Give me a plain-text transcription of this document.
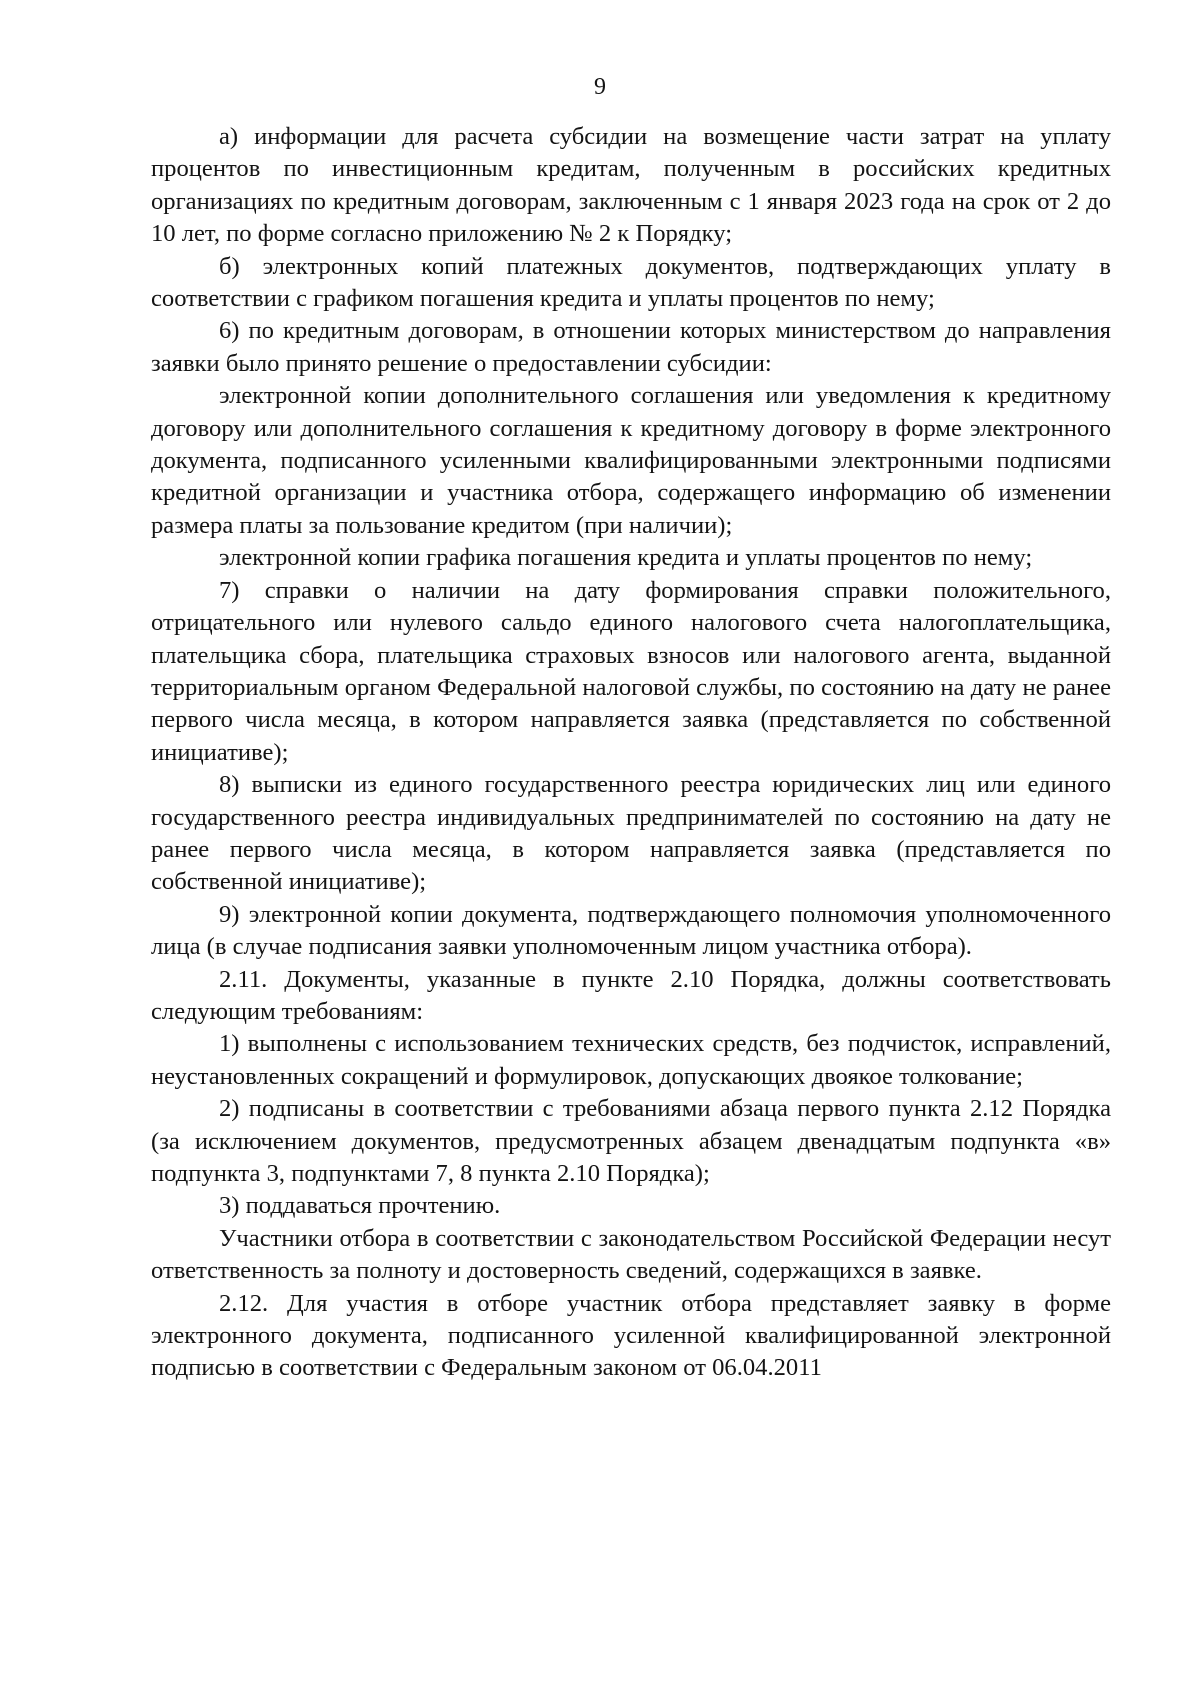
9

а) информации для расчета субсидии на возмещение части затрат на уплату процентов по инвестиционным кредитам, полученным в российских кредитных организациях по кредитным договорам, заключенным с 1 января 2023 года на срок от 2 до 10 лет, по форме согласно приложению № 2 к Порядку;

б) электронных копий платежных документов, подтверждающих уплату в соответствии с графиком погашения кредита и уплаты процентов по нему;

6) по кредитным договорам, в отношении которых министерством до направления заявки было принято решение о предоставлении субсидии:

электронной копии дополнительного соглашения или уведомления к кредитному договору или дополнительного соглашения к кредитному договору в форме электронного документа, подписанного усиленными квалифицированными электронными подписями кредитной организации и участника отбора, содержащего информацию об изменении размера платы за пользование кредитом (при наличии);

электронной копии графика погашения кредита и уплаты процентов по нему;

7) справки о наличии на дату формирования справки положительного, отрицательного или нулевого сальдо единого налогового счета налогоплательщика, плательщика сбора, плательщика страховых взносов или налогового агента, выданной территориальным органом Федеральной налоговой службы, по состоянию на дату не ранее первого числа месяца, в котором направляется заявка (представляется по собственной инициативе);

8) выписки из единого государственного реестра юридических лиц или единого государственного реестра индивидуальных предпринимателей по состоянию на дату не ранее первого числа месяца, в котором направляется заявка (представляется по собственной инициативе);

9) электронной копии документа, подтверждающего полномочия уполномоченного лица (в случае подписания заявки уполномоченным лицом участника отбора).

2.11. Документы, указанные в пункте 2.10 Порядка, должны соответствовать следующим требованиям:

1) выполнены с использованием технических средств, без подчисток, исправлений, неустановленных сокращений и формулировок, допускающих двоякое толкование;

2) подписаны в соответствии с требованиями абзаца первого пункта 2.12 Порядка (за исключением документов, предусмотренных абзацем двенадцатым подпункта «в» подпункта 3, подпунктами 7, 8 пункта 2.10 Порядка);

3) поддаваться прочтению.

Участники отбора в соответствии с законодательством Российской Федерации несут ответственность за полноту и достоверность сведений, содержащихся в заявке.

2.12. Для участия в отборе участник отбора представляет заявку в форме электронного документа, подписанного усиленной квалифицированной электронной подписью в соответствии с Федеральным законом от 06.04.2011
